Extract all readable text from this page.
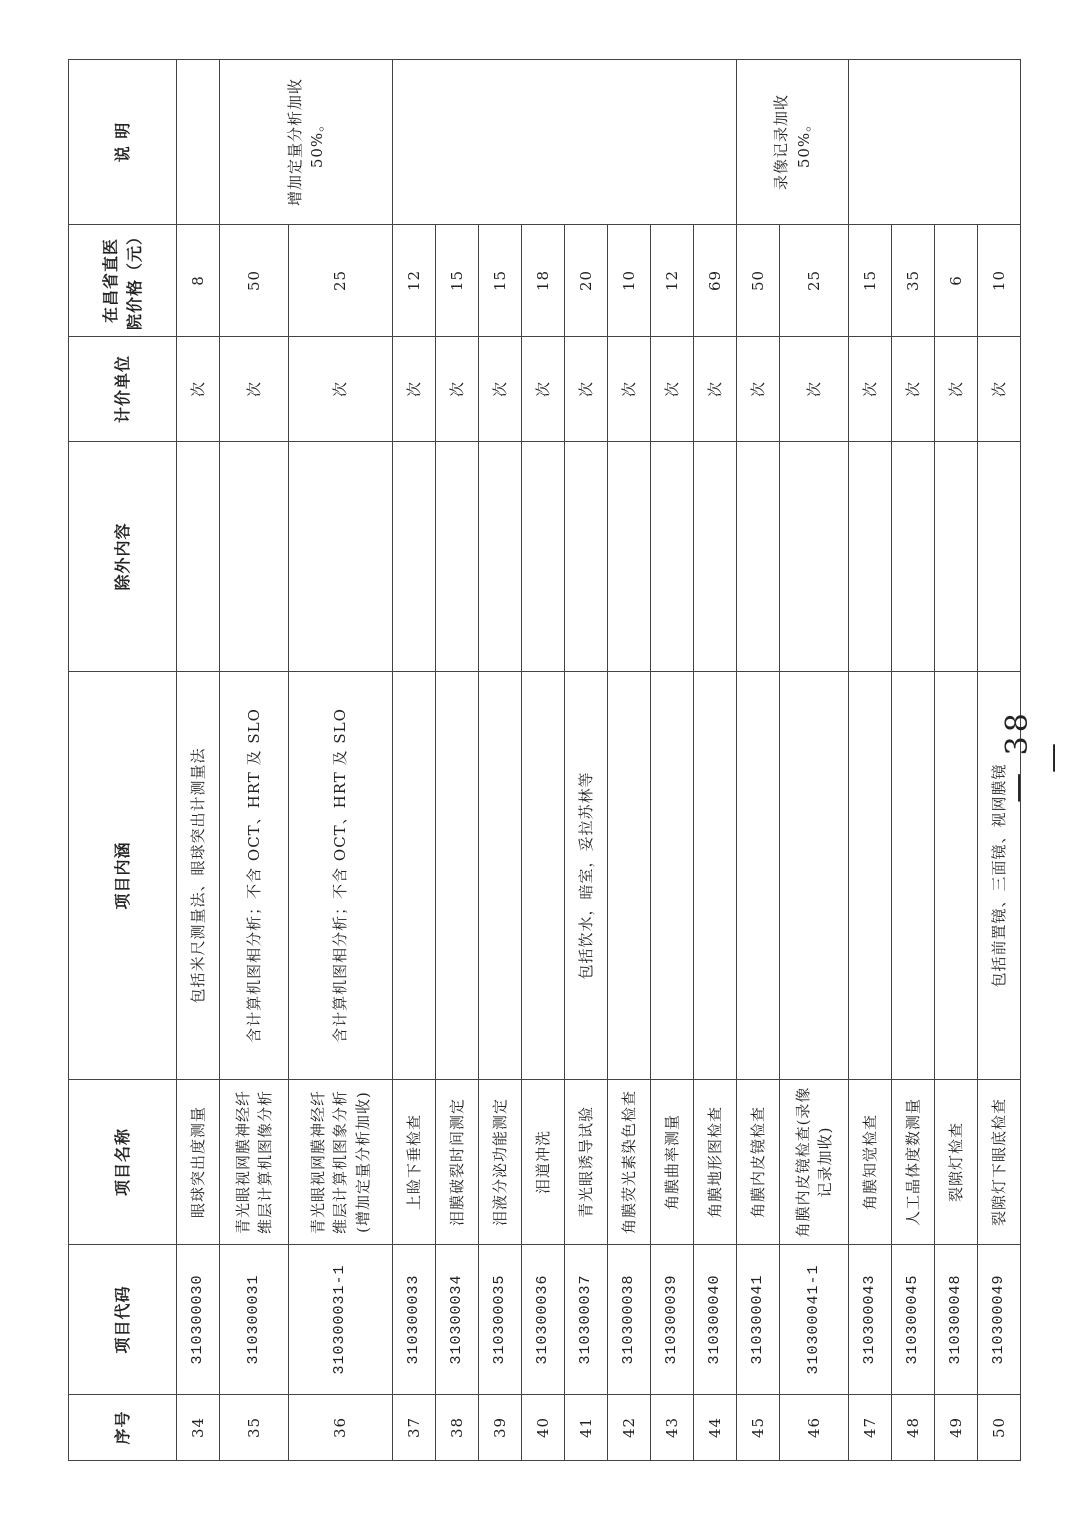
序号	项目代码	项目名称	项目内涵	除外内容	计价单位	在昌省直医院价格（元）	说 明
34	310300030	眼球突出度测量	包括米尺测量法、眼球突出计测量法		次	8	
35	310300031	青光眼视网膜神经纤维层计算机图像分析	含计算机图相分析；不含 OCT、HRT 及 SLO		次	50	增加定量分析加收 50%。
36	310300031-1	青光眼视网膜神经纤维层计算机图象分析(增加定量分析加收)	含计算机图相分析；不含 OCT、HRT 及 SLO		次	25	
37	310300033	上睑下垂检查			次	12	
38	310300034	泪膜破裂时间测定			次	15	
39	310300035	泪液分泌功能测定			次	15	
40	310300036	泪道冲洗			次	18	
41	310300037	青光眼诱导试验	包括饮水，暗室，妥拉苏林等		次	20	
42	310300038	角膜荧光素染色检查			次	10	
43	310300039	角膜曲率测量			次	12	
44	310300040	角膜地形图检查			次	69	
45	310300041	角膜内皮镜检查			次	50	录像记录加收 50%。
46	310300041-1	角膜内皮镜检查(录像记录加收)			次	25	
47	310300043	角膜知觉检查			次	15	
48	310300045	人工晶体度数测量			次	35	
49	310300048	裂隙灯检查			次	6	
50	310300049	裂隙灯下眼底检查	包括前置镜、三面镜、视网膜镜		次	10	
— 38 —
